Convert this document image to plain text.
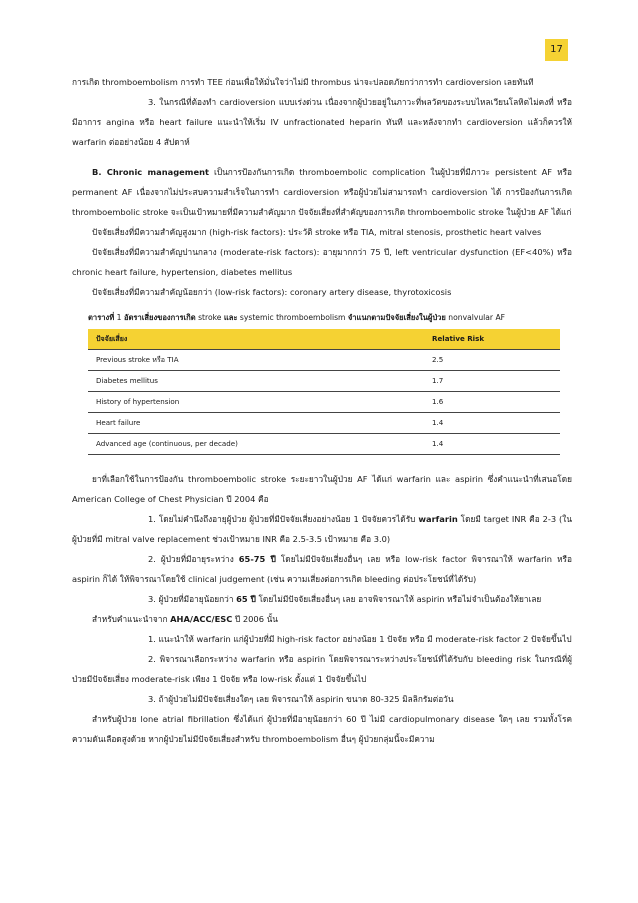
17

การเกิด thromboembolism การทำ TEE ก่อนเพื่อให้มั่นใจว่าไม่มี thrombus น่าจะปลอดภัยกว่าการทำ cardioversion เลยทันที

3. ในกรณีที่ต้องทำ cardioversion แบบเร่งด่วน เนื่องจากผู้ป่วยอยู่ในภาวะที่พลวัตของระบบไหลเวียนโลหิตไม่คงที่ หรือ มีอาการ angina หรือ heart failure แนะนำให้เริ่ม IV unfractionated heparin ทันที และหลังจากทำ cardioversion แล้วก็ควรให้ warfarin ต่ออย่างน้อย 4 สัปดาห์

B. Chronic management เป็นการป้องกันการเกิด thromboembolic complication ในผู้ป่วยที่มีภาวะ persistent AF หรือ permanent AF เนื่องจากไม่ประสบความสำเร็จในการทำ cardioversion หรือผู้ป่วยไม่สามารถทำ cardioversion ได้ การป้องกันการเกิด thromboembolic stroke จะเป็นเป้าหมายที่มีความสำคัญมาก ปัจจัยเสี่ยงที่สำคัญของการเกิด thromboembolic stroke ในผู้ป่วย AF ได้แก่

ปัจจัยเสี่ยงที่มีความสำคัญสูงมาก (high-risk factors): ประวัติ stroke หรือ TIA, mitral stenosis, prosthetic heart valves

ปัจจัยเสี่ยงที่มีความสำคัญปานกลาง (moderate-risk factors): อายุมากกว่า 75 ปี, left ventricular dysfunction (EF<40%) หรือ chronic heart failure, hypertension, diabetes mellitus

ปัจจัยเสี่ยงที่มีความสำคัญน้อยกว่า (low-risk factors): coronary artery disease, thyrotoxicosis

ตารางที่ 1 อัตราเสี่ยงของการเกิด stroke และ systemic thromboembolism จำแนกตามปัจจัยเสี่ยงในผู้ป่วย nonvalvular AF
ปัจจัยเสี่ยง	Relative Risk
Previous stroke หรือ TIA	2.5
Diabetes mellitus	1.7
History of hypertension	1.6
Heart failure	1.4
Advanced age (continuous, per decade)	1.4

ยาที่เลือกใช้ในการป้องกัน thromboembolic stroke ระยะยาวในผู้ป่วย AF ได้แก่ warfarin และ aspirin ซึ่งคำแนะนำที่เสนอโดย American College of Chest Physician ปี 2004 คือ

1. โดยไม่คำนึงถึงอายุผู้ป่วย ผู้ป่วยที่มีปัจจัยเสี่ยงอย่างน้อย 1 ปัจจัยควรได้รับ warfarin โดยมี target INR คือ 2-3 (ในผู้ป่วยที่มี mitral valve replacement ช่วงเป้าหมาย INR คือ 2.5-3.5 เป้าหมาย คือ 3.0)

2. ผู้ป่วยที่มีอายุระหว่าง 65-75 ปี โดยไม่มีปัจจัยเสี่ยงอื่นๆ เลย หรือ low-risk factor พิจารณาให้ warfarin หรือ aspirin ก็ได้ ให้พิจารณาโดยใช้ clinical judgement (เช่น ความเสี่ยงต่อการเกิด bleeding ต่อประโยชน์ที่ได้รับ)

3. ผู้ป่วยที่มีอายุน้อยกว่า 65 ปี โดยไม่มีปัจจัยเสี่ยงอื่นๆ เลย อาจพิจารณาให้ aspirin หรือไม่จำเป็นต้องให้ยาเลย

สำหรับคำแนะนำจาก AHA/ACC/ESC ปี 2006 นั้น

1. แนะนำให้ warfarin แก่ผู้ป่วยที่มี high-risk factor อย่างน้อย 1 ปัจจัย หรือ มี moderate-risk factor 2 ปัจจัยขึ้นไป

2. พิจารณาเลือกระหว่าง warfarin หรือ aspirin โดยพิจารณาระหว่างประโยชน์ที่ได้รับกับ bleeding risk ในกรณีที่ผู้ป่วยมีปัจจัยเสี่ยง moderate-risk เพียง 1 ปัจจัย หรือ low-risk ตั้งแต่ 1 ปัจจัยขึ้นไป

3. ถ้าผู้ป่วยไม่มีปัจจัยเสี่ยงใดๆ เลย พิจารณาให้ aspirin ขนาด 80-325 มิลลิกรัมต่อวัน

สำหรับผู้ป่วย lone atrial fibrillation ซึ่งได้แก่ ผู้ป่วยที่มีอายุน้อยกว่า 60 ปี ไม่มี cardiopulmonary disease ใดๆ เลย รวมทั้งโรคความดันเลือดสูงด้วย หากผู้ป่วยไม่มีปัจจัยเสี่ยงสำหรับ thromboembolism อื่นๆ ผู้ป่วยกลุ่มนี้จะมีความ
